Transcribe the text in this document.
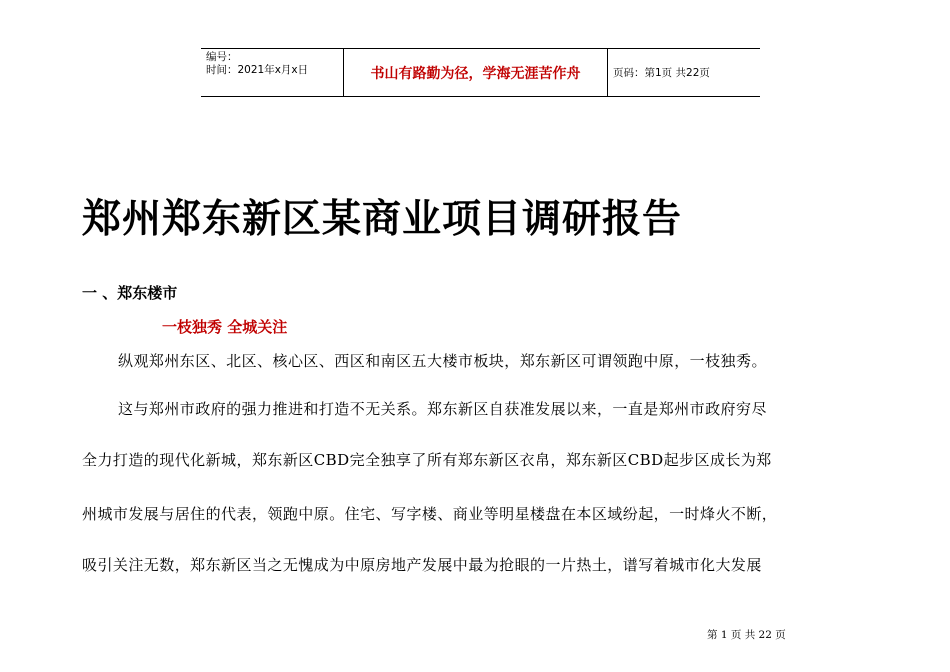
编号：
时间：2021年x月x日	书山有路勤为径，学海无涯苦作舟	页码：第1页 共22页
郑州郑东新区某商业项目调研报告
一 、郑东楼市
一枝独秀 全城关注

纵观郑州东区、北区、核心区、西区和南区五大楼市板块，郑东新区可谓领跑中原，一枝独秀。

这与郑州市政府的强力推进和打造不无关系。郑东新区自获准发展以来，一直是郑州市政府穷尽

全力打造的现代化新城，郑东新区CBD完全独享了所有郑东新区衣帛，郑东新区CBD起步区成长为郑

州城市发展与居住的代表，领跑中原。住宅、写字楼、商业等明星楼盘在本区域纷起，一时烽火不断，

吸引关注无数，郑东新区当之无愧成为中原房地产发展中最为抢眼的一片热土，谱写着城市化大发展

第 1 页 共 22 页
